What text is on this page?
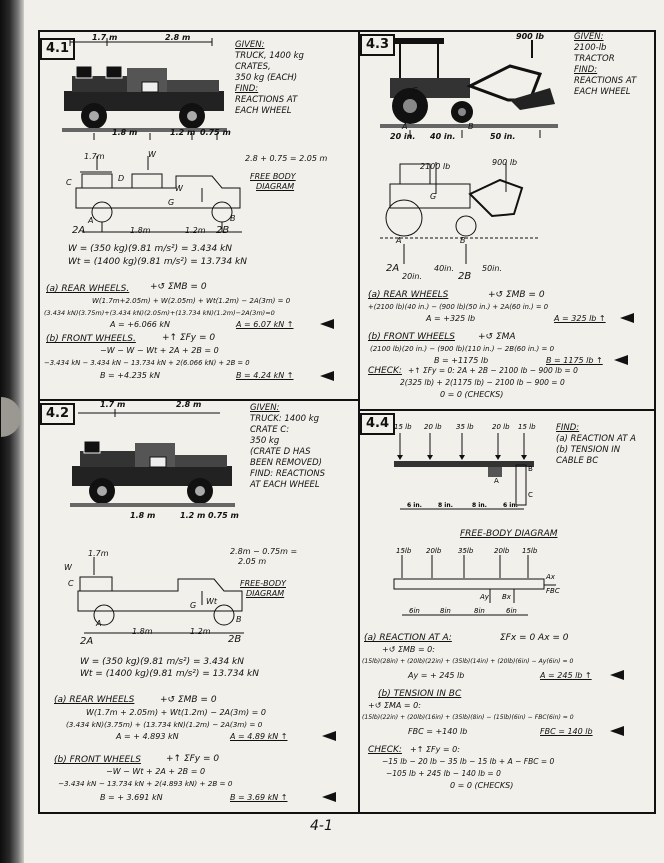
4.1
1.7 m	2.8 m
1.8 m	1.2 m 0.75 m
GIVEN:
TRUCK, 1400 kg
CRATES,
350 kg (EACH)
FIND:
REACTIONS AT
EACH WHEEL
1.7m	W	2.8 + 0.75 = 2.05 m
FREE BODY
DIAGRAM
C	D
W
G
A	B
2A	1.8m	1.2m 2B
W = (350 kg)(9.81 m/s²) = 3.434 kN
Wt = (1400 kg)(9.81 m/s²) = 13.734 kN
(a) REAR WHEELS. +↺ ΣMB = 0
W(1.7m+2.05m) + W(2.05m) + Wt(1.2m) − 2A(3m) = 0
(3.434 kN)(3.75m)+(3.434 kN)(2.05m)+(13.734 kN)(1.2m)−2A(3m)=0
A = +6.066 kN	A = 6.07 kN ↑
(b) FRONT WHEELS.	+↑ ΣFy = 0
−W − W − Wt + 2A + 2B = 0
−3.434 kN − 3.434 kN − 13.734 kN + 2(6.066 kN) + 2B = 0
B = +4.235 kN	B = 4.24 kN ↑
4.2
1.7 m	2.8 m
1.8 m	1.2 m 0.75 m
GIVEN:
TRUCK: 1400 kg
CRATE C:
350 kg
(CRATE D HAS
BEEN REMOVED)
FIND: REACTIONS
AT EACH WHEEL
1.7m
W
2.8m − 0.75m =
2.05 m
FREE-BODY
DIAGRAM
C
G Wt
A	B
2A
1.8m	1.2m
2B
W = (350 kg)(9.81 m/s²) = 3.434 kN
Wt = (1400 kg)(9.81 m/s²) = 13.734 kN
(a) REAR WHEELS	+↺ ΣMB = 0
W(1.7m + 2.05m) + Wt(1.2m) − 2A(3m) = 0
(3.434 kN)(3.75m) + (13.734 kN)(1.2m) − 2A(3m) = 0
A = + 4.893 kN	A = 4.89 kN ↑
(b) FRONT WHEELS	+↑ ΣFy = 0
−W − Wt + 2A + 2B = 0
−3.434 kN − 13.734 kN + 2(4.893 kN) + 2B = 0
B = + 3.691 kN	B = 3.69 kN ↑
4.3
900 lb
20 in. 40 in.	50 in.
A	B
G
GIVEN:
2100-lb
TRACTOR
FIND:
REACTIONS AT
EACH WHEEL
2100 lb	900 lb
G
A	B
2A
20in.
40in.
2B
50in.
(a) REAR WHEELS	+↺ ΣMB = 0
+(2100 lb)(40 in.) − (900 lb)(50 in.) + 2A(60 in.) = 0
A = +325 lb	A = 325 lb ↑
(b) FRONT WHEELS	+↺ ΣMA
(2100 lb)(20 in.) − (900 lb)(110 in.) − 2B(60 in.) = 0
B = +1175 lb	B = 1175 lb ↑
CHECK: +↑ ΣFy = 0: 2A + 2B − 2100 lb − 900 lb = 0
2(325 lb) + 2(1175 lb) − 2100 lb − 900 = 0
0 = 0 (CHECKS)
4.4 15 lb 20 lb 35 lb	20 lb 15 lb
A
B
C
6 in.	8 in.	8 in.	6 in.
FIND:
(a) REACTION AT A
(b) TENSION IN
CABLE BC
FREE-BODY DIAGRAM
15lb 20lb 35lb	20lb 15lb
Ay Bx
FBC
Ax
6in	8in	8in	6in
(a) REACTION AT A:	ΣFx = 0 Ax = 0
+↺ ΣMB = 0:
(15lb)(28in) + (20lb)(22in) + (35lb)(14in) + (20lb)(6in) − Ay(6in) = 0
Ay = + 245 lb	A = 245 lb ↑
(b) TENSION IN BC
+↺ ΣMA = 0:
(15lb)(22in) + (20lb)(16in) + (35lb)(8in) − (15lb)(6in) − FBC(6in) = 0
FBC = +140 lb	FBC = 140 lb
CHECK: +↑ ΣFy = 0:
−15 lb − 20 lb − 35 lb − 15 lb + A − FBC = 0
−105 lb + 245 lb − 140 lb = 0
0 = 0 (CHECKS)
4-1
